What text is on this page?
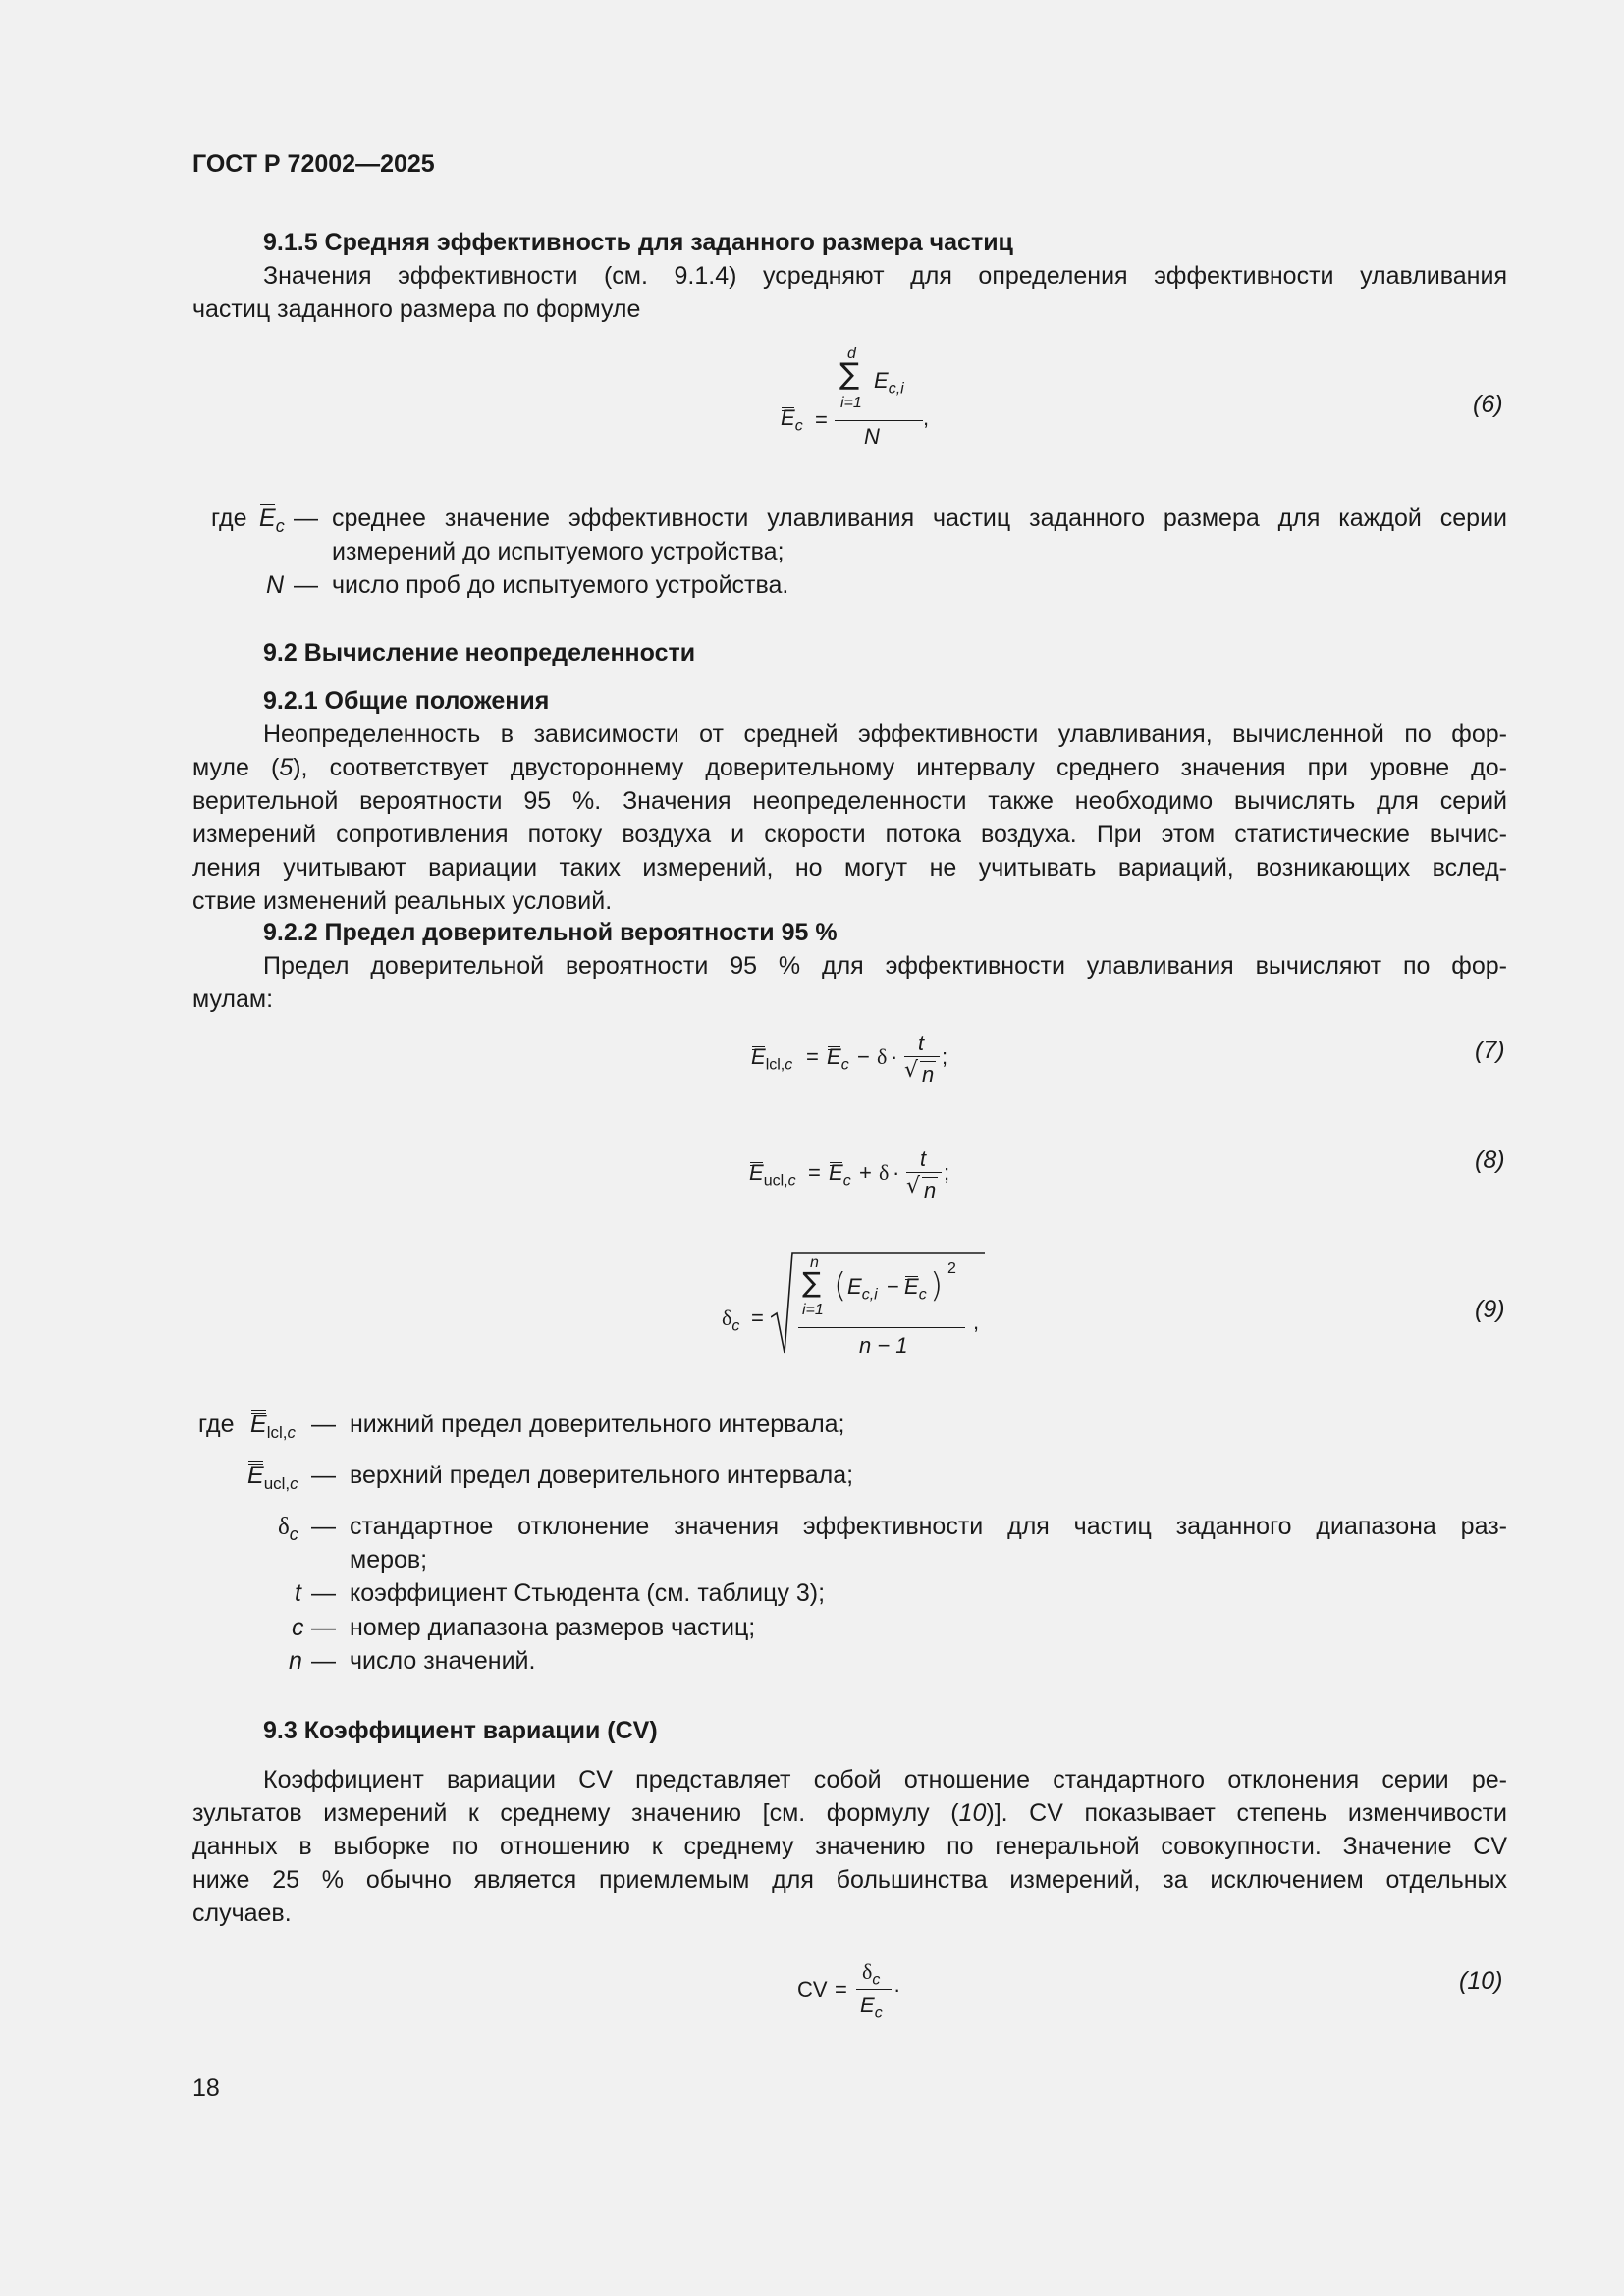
ГОСТ Р 72002—2025
9.1.5 Средняя эффективность для заданного размера частиц
Значения эффективности (см. 9.1.4) усредняют для определения эффективности улавливания
частиц заданного размера по формуле
d
∑
i=1
$E_{c,i}$
$E_c$ =
N
,	(6)
где $E_c$ — среднее значение эффективности улавливания частиц заданного размера для каждой серии
измерений до испытуемого устройства;
N — число проб до испытуемого устройства.
9.2 Вычисление неопределенности
9.2.1 Общие положения
Неопределенность в зависимости от средней эффективности улавливания, вычисленной по фор-
муле (5), соответствует двустороннему доверительному интервалу среднего значения при уровне до-
верительной вероятности 95 %. Значения неопределенности также необходимо вычислять для серий
измерений сопротивления потоку воздуха и скорости потока воздуха. При этом статистические вычис-
ления учитывают вариации таких измерений, но могут не учитывать вариаций, возникающих вслед-
ствие изменений реальных условий.
9.2.2 Предел доверительной вероятности 95 %
Предел доверительной вероятности 95 % для эффективности улавливания вычисляют по фор-
мулам:
$E_{lcl,c} = E_c - \delta$ ·
t
√ n
;	(7)
$E_{ucl,c} = E_c + \delta$ ·
t
√ n
;	(8)
$\delta_c$ =
n
∑
i=1
( $E_{c,i} - E_c$ ) 2
n − 1
,	(9)
где $E_{lcl,c}$ — нижний предел доверительного интервала;
$E_{ucl,c}$ — верхний предел доверительного интервала;
$\delta_c$ — стандартное отклонение значения эффективности для частиц заданного диапазона раз-
меров;
t — коэффициент Стьюдента (см. таблицу 3);
c — номер диапазона размеров частиц;
n — число значений.
9.3 Коэффициент вариации (CV)
Коэффициент вариации CV представляет собой отношение стандартного отклонения серии ре-
зультатов измерений к среднему значению [см. формулу (10)]. CV показывает степень изменчивости
данных в выборке по отношению к среднему значению по генеральной совокупности. Значение CV
ниже 25 % обычно является приемлемым для большинства измерений, за исключением отдельных
случаев.
CV =
$\delta_c$
$E_c$
·	(10)
18
